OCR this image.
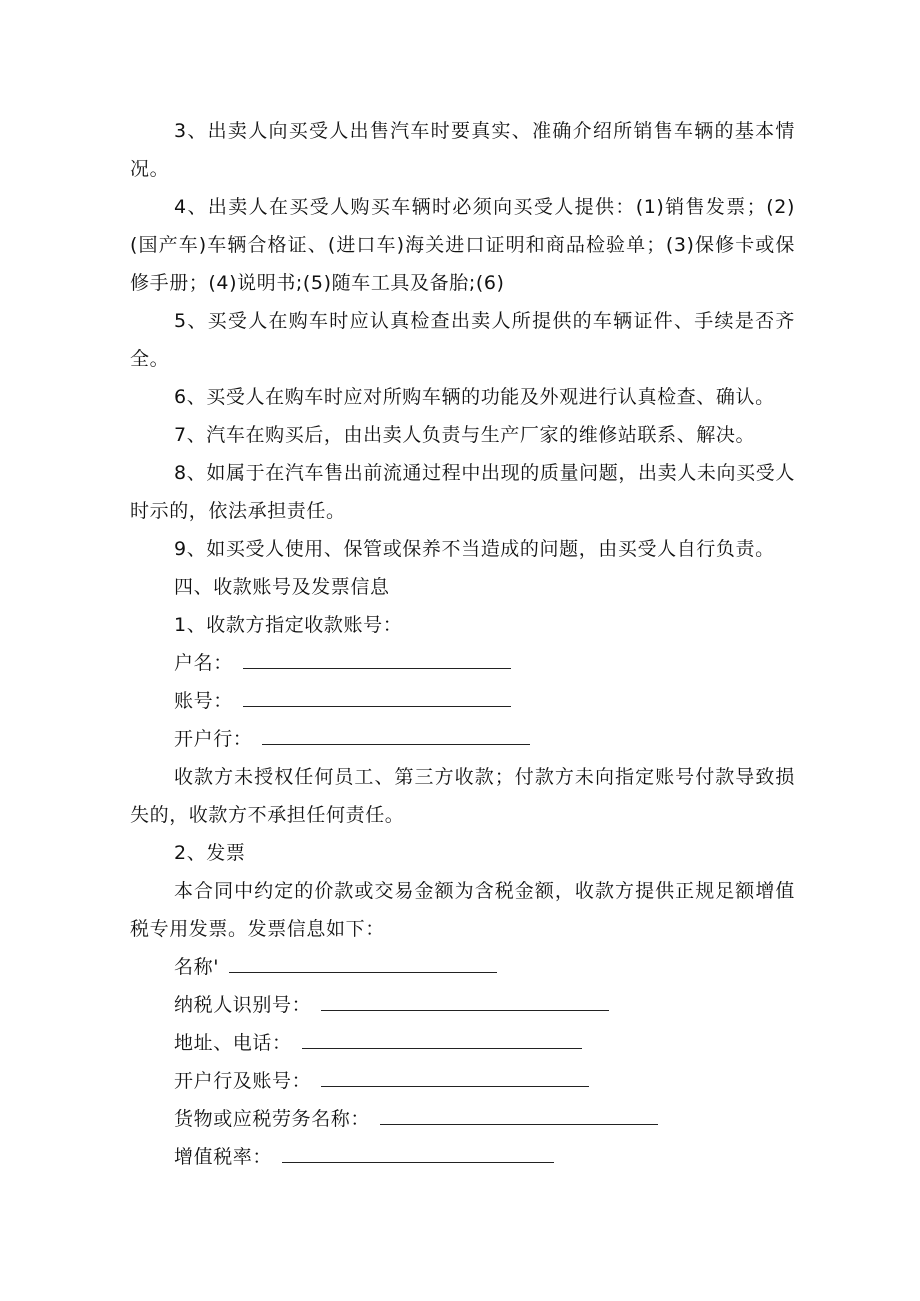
3、出卖人向买受人出售汽车时要真实、准确介绍所销售车辆的基本情况。

4、出卖人在买受人购买车辆时必须向买受人提供：(1)销售发票；(2)(国产车)车辆合格证、(进口车)海关进口证明和商品检验单；(3)保修卡或保修手册；(4)说明书;(5)随车工具及备胎;(6)

5、买受人在购车时应认真检查出卖人所提供的车辆证件、手续是否齐全。

6、买受人在购车时应对所购车辆的功能及外观进行认真检查、确认。

7、汽车在购买后，由出卖人负责与生产厂家的维修站联系、解决。

8、如属于在汽车售出前流通过程中出现的质量问题，出卖人未向买受人时示的，依法承担责任。

9、如买受人使用、保管或保养不当造成的问题，由买受人自行负责。

四、收款账号及发票信息

1、收款方指定收款账号：

户名：

账号：

开户行：

收款方未授权任何员工、第三方收款；付款方未向指定账号付款导致损失的，收款方不承担任何责任。

2、发票

本合同中约定的价款或交易金额为含税金额，收款方提供正规足额增值税专用发票。发票信息如下：

名称'

纳税人识别号：

地址、电话：

开户行及账号：

货物或应税劳务名称：

增值税率：
